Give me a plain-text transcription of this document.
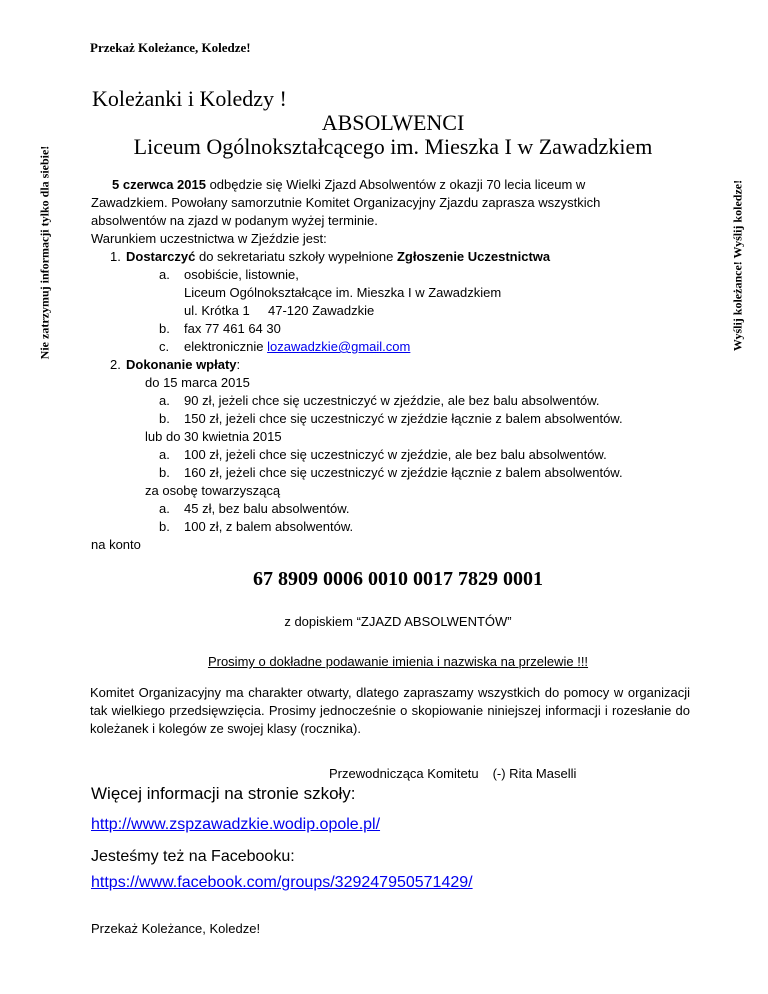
Przekaż Koleżance, Koledze!
Nie zatrzymuj informacji tylko dla siebie!	Wyślij koleżance! Wyślij koledze!
Koleżanki i Koledzy !
ABSOLWENCI
Liceum Ogólnokształcącego im. Mieszka I w Zawadzkiem
5 czerwca 2015 odbędzie się Wielki Zjazd Absolwentów z okazji 70 lecia liceum w
Zawadzkiem. Powołany samorzutnie Komitet Organizacyjny Zjazdu zaprasza wszystkich
absolwentów na zjazd w podanym wyżej terminie.
Warunkiem uczestnictwa w Zjeździe jest:
1. Dostarczyć do sekretariatu szkoły wypełnione Zgłoszenie Uczestnictwa
a. osobiście, listownie,
Liceum Ogólnokształcące im. Mieszka I w Zawadzkiem
ul. Krótka 1 47-120 Zawadzkie
b. fax 77 461 64 30
c. elektronicznie lozawadzkie@gmail.com
2. Dokonanie wpłaty:
do 15 marca 2015
a. 90 zł, jeżeli chce się uczestniczyć w zjeździe, ale bez balu absolwentów.
b. 150 zł, jeżeli chce się uczestniczyć w zjeździe łącznie z balem absolwentów.
lub do 30 kwietnia 2015
a. 100 zł, jeżeli chce się uczestniczyć w zjeździe, ale bez balu absolwentów.
b. 160 zł, jeżeli chce się uczestniczyć w zjeździe łącznie z balem absolwentów.
za osobę towarzyszącą
a. 45 zł, bez balu absolwentów.
b. 100 zł, z balem absolwentów.
na konto
67 8909 0006 0010 0017 7829 0001
z dopiskiem “ZJAZD ABSOLWENTÓW”
Prosimy o dokładne podawanie imienia i nazwiska na przelewie !!!
Komitet Organizacyjny ma charakter otwarty, dlatego zapraszamy wszystkich do pomocy w organizacji tak wielkiego przedsięwzięcia. Prosimy jednocześnie o skopiowanie niniejszej informacji i rozesłanie do koleżanek i kolegów ze swojej klasy (rocznika).
Przewodnicząca Komitetu (-) Rita Maselli
Więcej informacji na stronie szkoły:
http://www.zspzawadzkie.wodip.opole.pl/
Jesteśmy też na Facebooku:
https://www.facebook.com/groups/329247950571429/
Przekaż Koleżance, Koledze!
